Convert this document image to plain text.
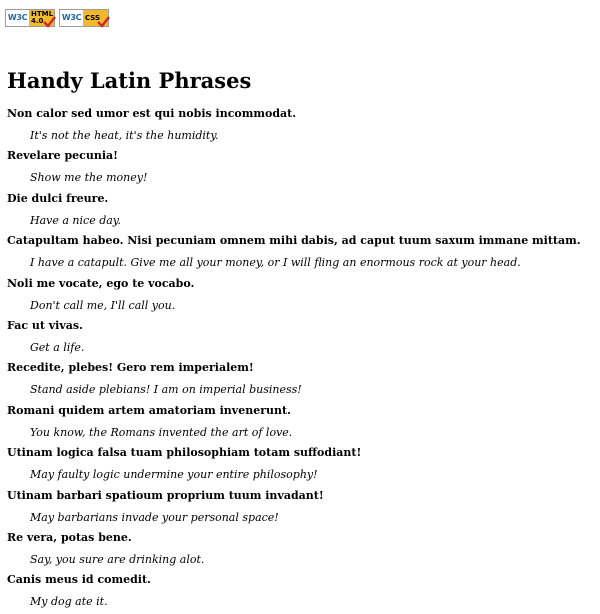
W3C HTML
4.0 W3C CSS
Handy Latin Phrases
Non calor sed umor est qui nobis incommodat.
It's not the heat, it's the humidity.
Revelare pecunia!
Show me the money!
Die dulci freure.
Have a nice day.
Catapultam habeo. Nisi pecuniam omnem mihi dabis, ad caput tuum saxum immane mittam.
I have a catapult. Give me all your money, or I will fling an enormous rock at your head.
Noli me vocate, ego te vocabo.
Don't call me, I'll call you.
Fac ut vivas.
Get a life.
Recedite, plebes! Gero rem imperialem!
Stand aside plebians! I am on imperial business!
Romani quidem artem amatoriam invenerunt.
You know, the Romans invented the art of love.
Utinam logica falsa tuam philosophiam totam suffodiant!
May faulty logic undermine your entire philosophy!
Utinam barbari spatioum proprium tuum invadant!
May barbarians invade your personal space!
Re vera, potas bene.
Say, you sure are drinking alot.
Canis meus id comedit.
My dog ate it.
